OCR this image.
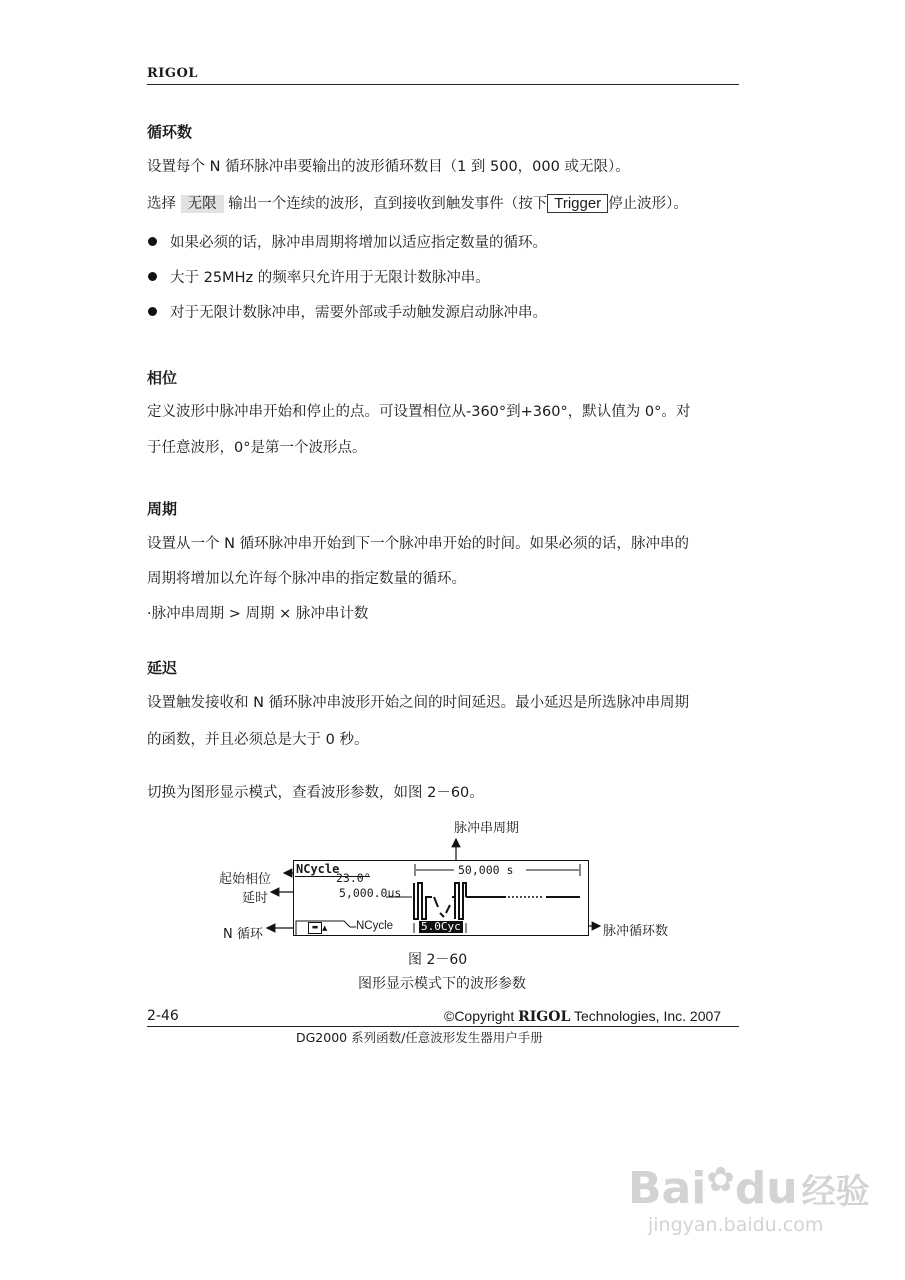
RIGOL
循环数
设置每个 N 循环脉冲串要输出的波形循环数目（1 到 500，000 或无限）。
选择 无限 输出一个连续的波形，直到接收到触发事件（按下 Trigger 停止波形）。
如果必须的话，脉冲串周期将增加以适应指定数量的循环。
大于 25MHz 的频率只允许用于无限计数脉冲串。
对于无限计数脉冲串，需要外部或手动触发源启动脉冲串。
相位
定义波形中脉冲串开始和停止的点。可设置相位从-360°到+360°，默认值为 0°。对
于任意波形，0°是第一个波形点。
周期
设置从一个 N 循环脉冲串开始到下一个脉冲串开始的时间。如果必须的话，脉冲串的
周期将增加以允许每个脉冲串的指定数量的循环。
·脉冲串周期 > 周期 × 脉冲串计数
延迟
设置触发接收和 N 循环脉冲串波形开始之间的时间延迟。最小延迟是所选脉冲串周期
的函数，并且必须总是大于 0 秒。
切换为图形显示模式，查看波形参数，如图 2－60。
脉冲串周期
起始相位
延时
N 循环	脉冲循环数
NCycle
23.0°
5,000.0us
50,000 s
▬ ▲ NCycle	5.0Cyc
图 2－60
图形显示模式下的波形参数
2-46	©Copyright RIGOL Technologies, Inc. 2007
DG2000 系列函数/任意波形发生器用户手册
Bai✿du 经验
jingyan.baidu.com
